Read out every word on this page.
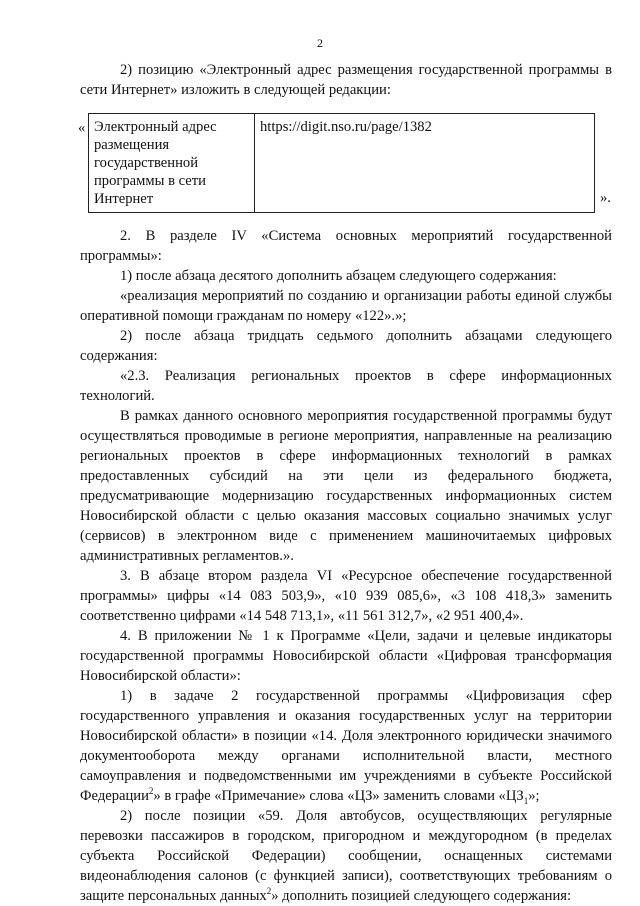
2

2) позицию «Электронный адрес размещения государственной программы в сети Интернет» изложить в следующей редакции:

« Электронный адрес размещения государственной программы в сети Интернет	https://digit.nso.ru/page/1382
».

2. В разделе IV «Система основных мероприятий государственной программы»:

1) после абзаца десятого дополнить абзацем следующего содержания:

«реализация мероприятий по созданию и организации работы единой службы оперативной помощи гражданам по номеру «122».»;

2) после абзаца тридцать седьмого дополнить абзацами следующего содержания:

«2.3. Реализация региональных проектов в сфере информационных технологий.

В рамках данного основного мероприятия государственной программы будут осуществляться проводимые в регионе мероприятия, направленные на реализацию региональных проектов в сфере информационных технологий в рамках предоставленных субсидий на эти цели из федерального бюджета, предусматривающие модернизацию государственных информационных систем Новосибирской области с целью оказания массовых социально значимых услуг (сервисов) в электронном виде с применением машиночитаемых цифровых административных регламентов.».

3. В абзаце втором раздела VI «Ресурсное обеспечение государственной программы» цифры «14 083 503,9», «10 939 085,6», «3 108 418,3» заменить соответственно цифрами «14 548 713,1», «11 561 312,7», «2 951 400,4».

4. В приложении № 1 к Программе «Цели, задачи и целевые индикаторы государственной программы Новосибирской области «Цифровая трансформация Новосибирской области»:

1) в задаче 2 государственной программы «Цифровизация сфер государственного управления и оказания государственных услуг на территории Новосибирской области» в позиции «14. Доля электронного юридически значимого документооборота между органами исполнительной власти, местного самоуправления и подведомственными им учреждениями в субъекте Российской Федерации$^2$» в графе «Примечание» слова «ЦЗ» заменить словами «$ЦЗ_1$»;

2) после позиции «59. Доля автобусов, осуществляющих регулярные перевозки пассажиров в городском, пригородном и междугородном (в пределах субъекта Российской Федерации) сообщении, оснащенных системами видеонаблюдения салонов (с функцией записи), соответствующих требованиям о защите персональных данных$^2$» дополнить позицией следующего содержания:
